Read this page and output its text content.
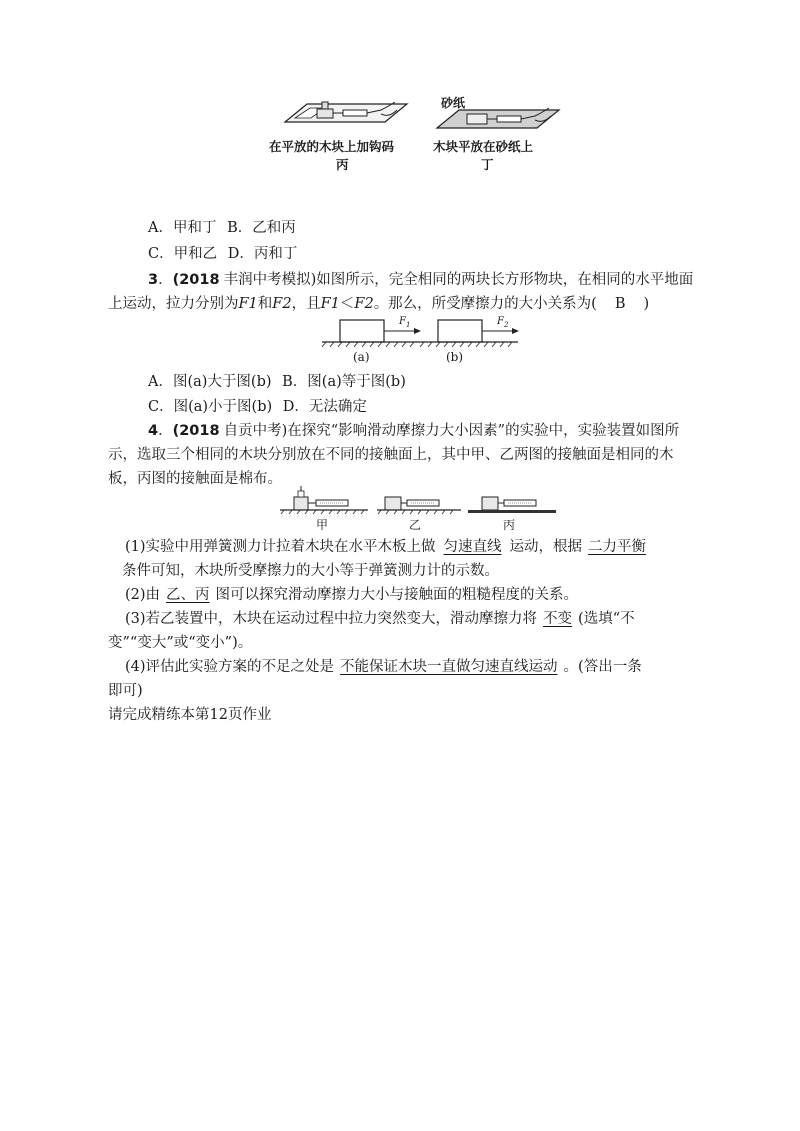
在平放的木块上加钩码
丙
砂纸
木块平放在砂纸上
丁
A．甲和丁 B．乙和丙
C．甲和乙 D．丙和丁
3．(2018 丰润中考模拟)如图所示，完全相同的两块长方形物块，在相同的水平地面
上运动，拉力分别为F1和F2，且F1＜F2。那么，所受摩擦力的大小关系为( B )
$F_1$
(a)
$F_2$
(b)
A．图(a)大于图(b) B．图(a)等于图(b)
C．图(a)小于图(b) D．无法确定
4．(2018 自贡中考)在探究“影响滑动摩擦力大小因素”的实验中，实验装置如图所
示，选取三个相同的木块分别放在不同的接触面上，其中甲、乙两图的接触面是相同的木
板，丙图的接触面是棉布。
甲	乙	丙
(1)实验中用弹簧测力计拉着木块在水平木板上做 匀速直线 运动，根据 二力平衡
条件可知，木块所受摩擦力的大小等于弹簧测力计的示数。
(2)由 乙、丙 图可以探究滑动摩擦力大小与接触面的粗糙程度的关系。
(3)若乙装置中，木块在运动过程中拉力突然变大，滑动摩擦力将 不变 (选填“不
变”“变大”或“变小”)。
(4)评估此实验方案的不足之处是 不能保证木块一直做匀速直线运动 。(答出一条
即可)
请完成精练本第12页作业
